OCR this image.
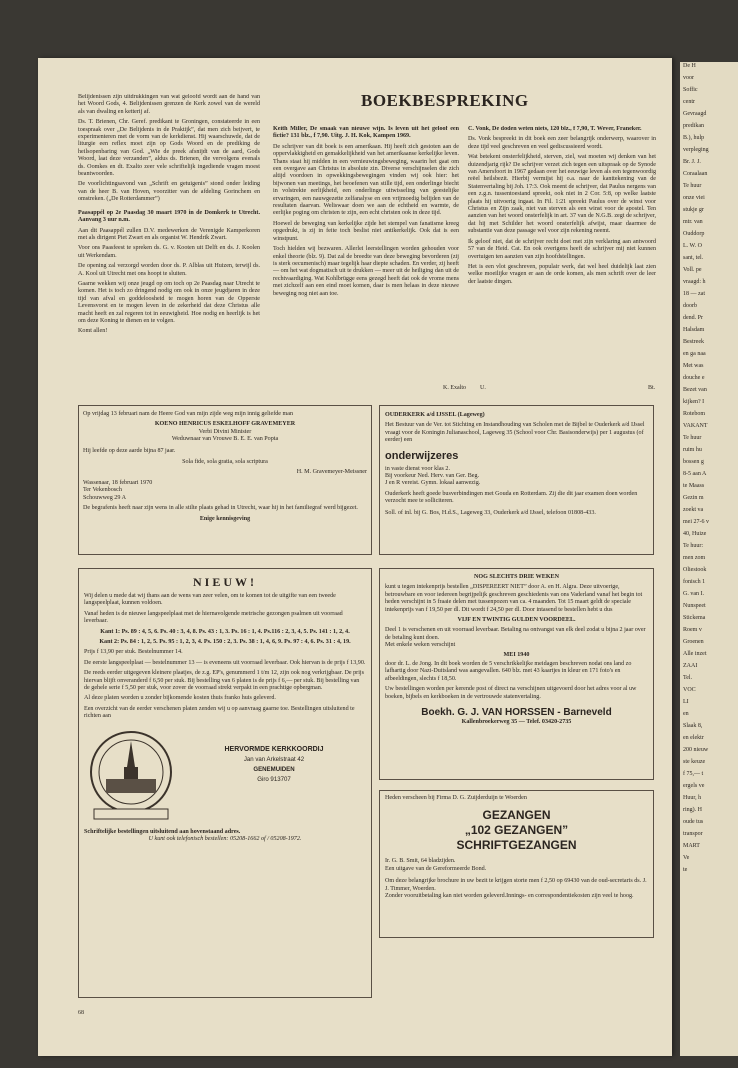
Belijdenissen zijn uitdrukkingen van wat geloofd wordt aan de hand van het Woord Gods, 4. Belijdenissen grenzen de Kerk zowel van de wereld als van dwaling en ketterij af.

Ds. T. Brienen, Chr. Geref. predikant te Groningen, constateerde in een toespraak over „De Belijdenis in de Praktijk”, dat men zich beijvert, te experimenteren met de vorm van de kerkdienst. Hij waarschuwde, dat de liturgie een reflex moet zijn op Gods Woord en de prediking de heilsopenbaring van God. „Wie de preek afsnijdt van de aard, Gods Woord, laat deze verzanden”, aldus ds. Brienen, die vervolgens evenals ds. Oomkes en dt. Exalto zeer vele schriftelijk ingediende vragen moest beantwoorden.

De voorlichtingsavond van „Schrift en getuigenis” stond onder leiding van de heer B. van Hoven, voorzitter van de afdeling Gorinchem en omstreken. („De Rotterdammer”)

Paasappél op 2e Paasdag 30 maart 1970 in de Domkerk te Utrecht. Aanvang 3 uur n.m.

Aan dit Paasappél zullen D.V. medewerken de Verenigde Kamperkoren met als dirigent Piet Zwart en als organist W. Hendrik Zwart.

Voor ons Paasfeest te spreken ds. G. v. Kooten uit Delft en ds. J. Koolen uit Werkendam.

De opening zal verzorgd worden door ds. P. Alblas uit Huizen, terwijl ds. A. Kool uit Utrecht met ons hoopt te sluiten.

Gaarne wekken wij onze jeugd op om toch op 2e Paasdag naar Utrecht te komen. Het is toch zo dringend nodig om ook in onze jeugdjaren in deze tijd van afval en goddeloosheid te mogen horen van de Opperste Levensvorst en te mogen leven in de zekerheid dat deze Christus alle macht heeft en zal regeren tot in eeuwigheid. Hoe nodig en heerlijk is het om deze Koning te dienen en te volgen.

Komt allen!

BOEKBESPREKING

Keith Miller, De smaak van nieuwe wijn. Is leven uit het geloof een fictie? 131 blz., f 7,90. Uitg. J. H. Kok, Kampen 1969.

De schrijver van dit boek is een amerikaan. Hij heeft zich gestoten aan de oppervlakkigheid en gemakkelijkheid van het amerikaanse kerkelijke leven. Thans staat hij midden in een vernieuwingsbeweging, waarin het gaat om een overgave aan Christus in absolute zin. Diverse verschijnselen die zich altijd voordoen in opwekkingsbewegingen vinden wij ook hier: het bijwonen van meetings, het beoefenen van stille tijd, een onderlinge biecht in volstrekte eerlijkheid, een onderlinge uitwisseling van geestelijke ervaringen, een nauwgezette zelfanalyse en een vrijmoedig belijden van de resultaten daarvan. Weliswaar doen we aan de echtheid en warmte, de eerlijke poging om christen te zijn, een echt christen ook in deze tijd.

Hoewel de beweging van kerkelijke zijde het stempel van fanatisme kreeg opgedrukt, is zij in feite toch beslist niet antikerkelijk. Ook dat is een winstpunt.

Toch hielden wij bezwaren. Allerlei leerstellingen worden gehouden voor enkel theorie (blz. 9). Dat zal de breedte van deze beweging bevorderen (zij is sterk oecumenisch) maar tegelijk haar diepte schaden. En verder, zij heeft — om het wat dogmatisch uit te drukken — meer uit de heiliging dan uit de rechtvaardiging. Wat Kohlbrügge eens gezegd heeft dat ook de vrome mens met zichzelf aan een eind moet komen, daar is men helaas in deze nieuwe beweging nog niet aan toe.

K. Exalto

C. Vonk, De doden weten niets, 120 blz., f 7,90, T. Wever, Franeker.

Ds. Vonk bespreekt in dit boek een zeer belangrijk onderwerp, waarover in deze tijd veel geschreven en veel gediscussieerd wordt.

Wat betekent onsterfelijkheid, sterven, ziel, wat moeten wij denken van het duizendjarig rijk? De schrijver verzet zich tegen een uitspraak op de Synode van Amersfoort in 1967 gedaan over het eeuwige leven als een tegenwoordig reëel heilsbezit. Hierbij vermijst hij o.a. naar de kanttekening van de Statenvertaling bij Joh. 17:3. Ook meent de schrijver, dat Paulus nergens van een z.g.n. tussentoestand spreekt, ook niet in 2 Cor. 5:8, op welke laatste plaats hij uitvoerig ingaat. In Fil. 1:21 spreekt Paulus over de winst voor Christus en Zijn zaak, niet van sterven als een winst voor de apostel. Ten aanzien van het woord onsterfelijk in art. 37 van de N.G.B. zegt de schrijver, dat hij met Schilder het woord onsterfelijk afwijst, maar daarmee de substantie van deze passage wel voor zijn rekening neemt.

Ik geloof niet, dat de schrijver recht doet met zijn verklaring aan antwoord 57 van de Heid. Cat. En ook overigens heeft de schrijver mij niet kunnen overtuigen ten aanzien van zijn hoofdstellingen.

Het is een vlot geschreven, populair werk, dat wel heel duidelijk laat zien welke moeilijke vragen er aan de orde komen, als men schrift over de leer der laatste dingen.

U.	Bt.
Op vrijdag 13 februari nam de Heere God van mijn zijde weg mijn innig geliefde man
KOENO HENRICUS ESKELHOFF GRAVEMEYER
Verbi Divini Minister
Weduwnaar van Vrouwe B. E. E. van Popta
Hij leefde op deze aarde bijna 87 jaar.
Sola fide, sola gratia, sola scriptura
H. M. Gravemeyer-Meissner
Wassenaar, 18 februari 1970
Ter Vekenbosch
Schouwweg 29 A
De begrafenis heeft naar zijn wens in alle stilte plaats gehad in Utrecht, waar hij in het familiegraf werd bijgezet.
Enige kennisgeving
NIEUW!
Wij delen u mede dat wij thans aan de wens van zeer velen, om te komen tot de uitgifte van een tweede langspeelplaat, kunnen voldoen.
Vanaf heden is de nieuwe langspeelplaat met de hiernavolgende metrische gezongen psalmen uit voorraad leverbaar.
Kant 1: Ps. 89 : 4, 5, 6. Ps. 40 : 3, 4, 8. Ps. 43 : 1, 3. Ps. 16 : 1, 4. Ps.116 : 2, 3, 4, 5. Ps. 141 : 1, 2, 4.
Kant 2: Ps. 84 : 1, 2, 5. Ps. 95 : 1, 2, 3, 4. Ps. 150 : 2, 3. Ps. 38 : 1, 4, 6, 9. Ps. 97 : 4, 6. Ps. 31 : 4, 19.
Prijs f 13,90 per stuk. Bestelnummer 14.
De eerste langspeelplaat — bestelnummer 13 — is eveneens uit voorraad leverbaar. Ook hiervan is de prijs f 13,90.
De reeds eerder uitgegeven kleinere plaatjes, de z.g. EP's, genummerd 1 t/m 12, zijn ook nog verkrijgbaar. De prijs hiervan blijft onveranderd f 6,50 per stuk. Bij bestelling van 6 platen is de prijs f 6,— per stuk. Bij bestelling van de gehele serie f 5,50 per stuk, voor zover de voorraad strekt verpakt in een prachtige opbergman.
Al deze platen worden u zonder bijkomende kosten thuis franko huis geleverd.
Een overzicht van de eerder verschenen platen zenden wij u op aanvraag gaarne toe. Bestellingen uitsluitend te richten aan
HERVORMDE KERKKOORDIJ
Jan van Arkelstraat 42
GENEMUIDEN
Giro 913707
Schriftelijke bestellingen uitsluitend aan hovenstaand adres.
U kunt ook telefonisch bestellen: 05208-1662 of / 05208-1972.
OUDERKERK a/d IJSSEL (Lageweg)
Het Bestuur van de Ver. tot Stichting en Instandhouding van Scholen met de Bijbel te Ouderkerk a/d IJssel vraagt voor de Koningin Julianaschool, Lageweg 35 (School voor Chr. Basisonderwijs) per 1 augustus (of eerder) een
onderwijzeres
in vaste dienst voor klas 2.
Bij voorkeur Ned. Herv. van Ger. Beg.
J en R vereist. Gymn. lokaal aanwezig.
Ouderkerk heeft goede busverbindingen met Gouda en Rotterdam. Zij die dit jaar examen doen worden verzocht mee te solliciteren.
Soll. of inl. bij G. Bos, H.d.S., Lageweg 33, Ouderkerk a/d IJssel, telefoon 01808-433.
NOG SLECHTS DRIE WEKEN
kunt u tegen intekenprijs bestellen „DISPEREERT NIET” door A. en H. Algra. Deze uitvoerige, betrouwbare en voor iedereen begrijpelijk geschreven geschiedenis van ons Vaderland vanaf het begin tot heden verschijnt in 5 fraaie delen met tussenpozen van ca. 4 maanden. Tot 15 maart geldt de speciale intekenprijs van f 19,50 per dl. Dit wordt f 24,50 per dl. Door intasend te bestellen hebt u dus
VIJF EN TWINTIG GULDEN VOORDEEL.
Deel 1 is verschenen en uit voorraad leverbaar. Betaling na ontvangst van elk deel zodat u bijna 2 jaar over de betaling kunt doen.
Met enkele weken verschijnt
MEI 1940
door dr. L. de Jong. In dit boek worden de 5 verschrikkelijke meidagen beschreven nodat ons land zo lafhartig door Nazi-Duitsland was aangevallen. 640 blz. met 43 kaartjes in kleur en 171 foto's en afbeeldingen, slechts f 18,50.
Uw bestellingen worden per kerende post of direct na verschijnen uitgevoerd door het adres voor al uw boeken, bijbels en kerkboeken in de vertrouwde statenvertaling.
Boekh. G. J. VAN HORSSEN - Barneveld
Kallenbroekerweg 35 — Telef. 03420-2735
Heden verscheen bij Firma D. G. Zuijderduijn te Woerden
GEZANGEN
„102 GEZANGEN”
SCHRIFTGEZANGEN
Ir. G. B. Smit, 64 bladzijden.
Een uitgave van de Gereformeerde Bond.
Om deze belangrijke brochure in uw bezit te krijgen storte men f 2,50 op 69430 van de oud-secretaris ds. J. J. Timmer, Woerden.
Zonder vooruitbetaling kan niet worden geleverd.Innings- en correspondentiekosten zijn veel te hoog.
68
De H
voor
Soffic
centr
Gevraagd
predikan
B.), hulp
verpleging
Br. J. J.
Coraalaan
Te huur
onze viei
stukje gr
mtr. van
Ouddorp
L. W. O
sant, tel.
Voll. pe
vraagd: h
18 — zat
doorb
dend. Pr
Halsdam
Bestreek
en ga naa
Met was
douche e
Bezet van
kijken? I
Rotebom
VAKANT
Te huur
ruim hu
bossen g
8-5 aan A
te Maass
Gezin m
zoekt va
mei 27-6 v
40, Huize
Te huur:
men zom
Oliestook
fonisch 1
G. van I.
Nunspeet
Stickema
Roem v
Groenen
Alle inzet
ZAAI
Tel.
VOC
LI
en
Slaak 8,
en elektr
200 nieuw
ste keuze
f 75,— t
ergels ve
Huur, h
ring). H
oude tus
transpor
MART
Ve
te
